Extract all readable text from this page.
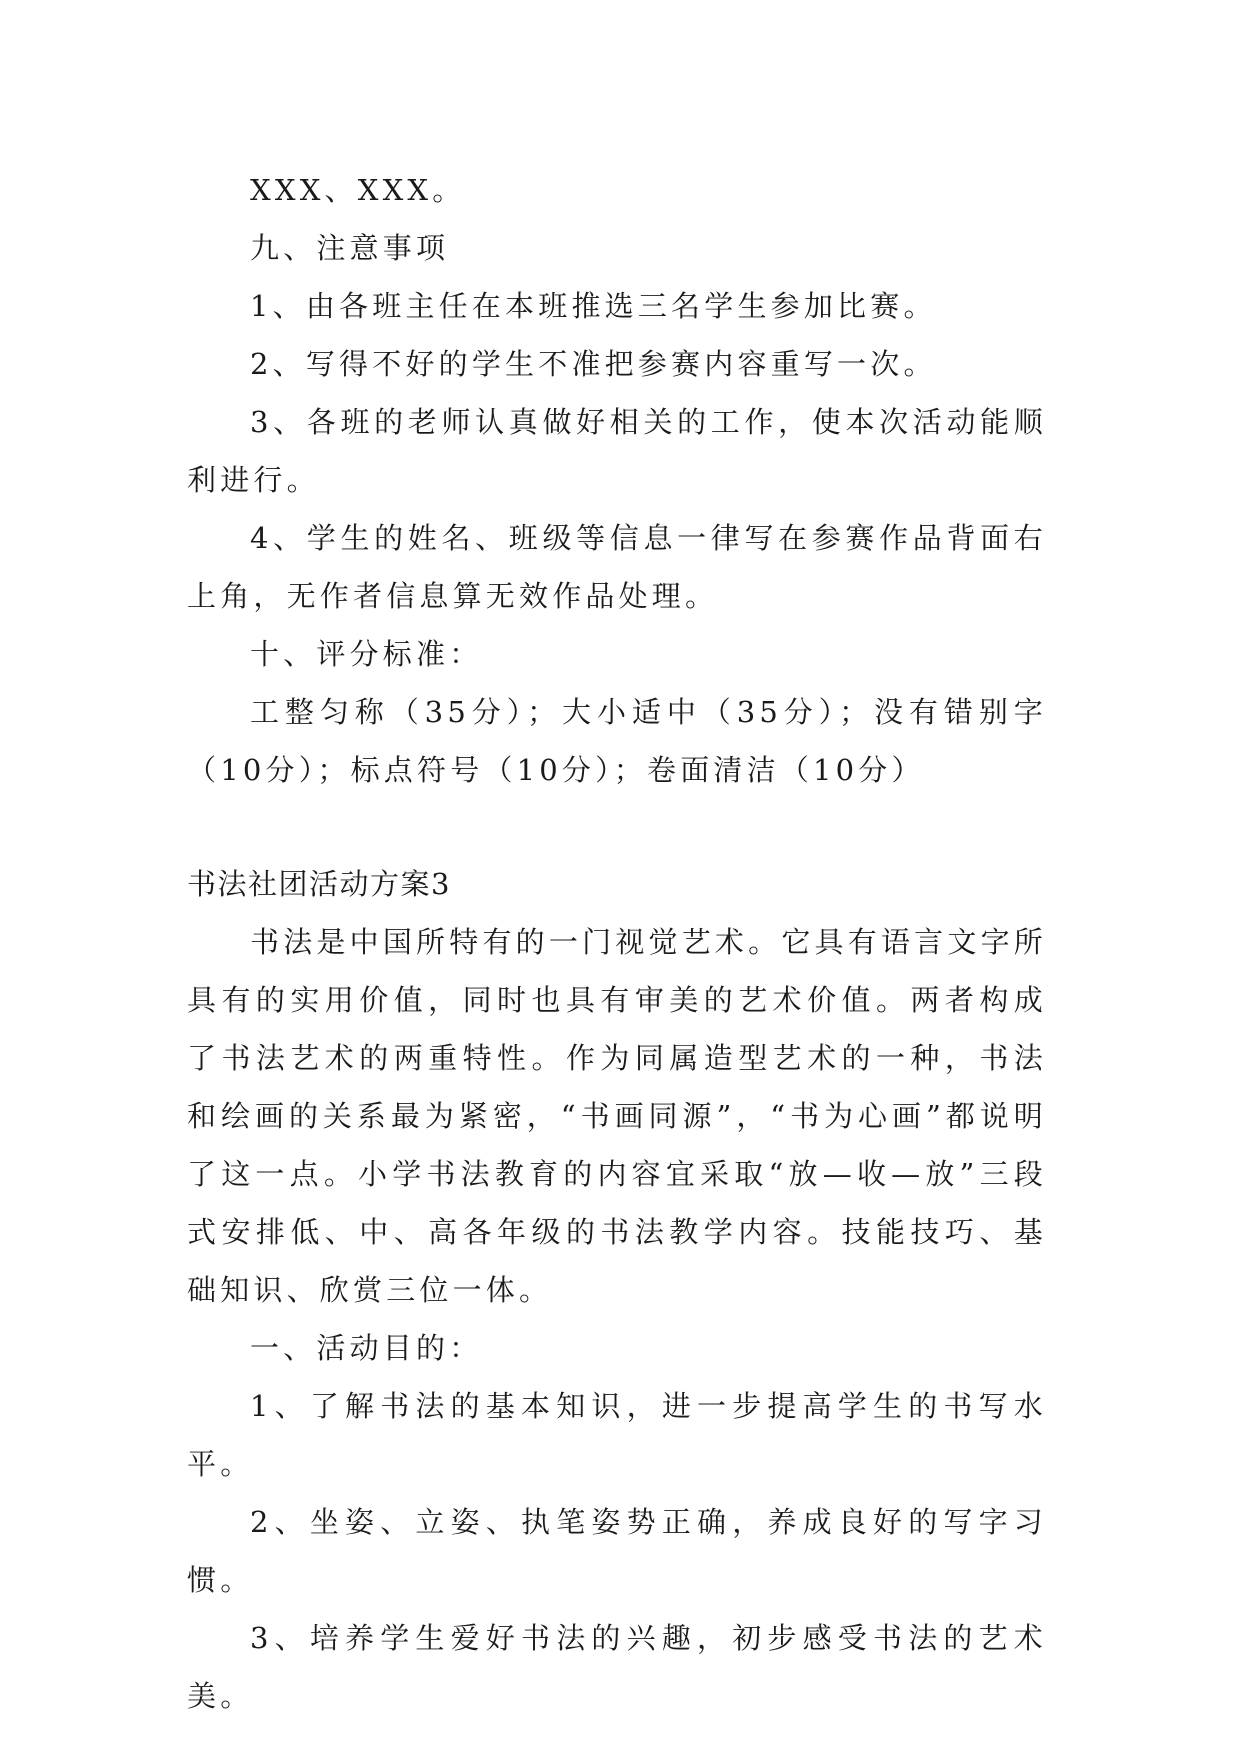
XXX、XXX。

九、注意事项

1、由各班主任在本班推选三名学生参加比赛。

2、写得不好的学生不准把参赛内容重写一次。

3、各班的老师认真做好相关的工作，使本次活动能顺利进行。

4、学生的姓名、班级等信息一律写在参赛作品背面右上角，无作者信息算无效作品处理。

十、评分标准：

工整匀称（35分）；大小适中（35分）；没有错别字（10分）；标点符号（10分）；卷面清洁（10分）

书法社团活动方案3

书法是中国所特有的一门视觉艺术。它具有语言文字所具有的实用价值，同时也具有审美的艺术价值。两者构成了书法艺术的两重特性。作为同属造型艺术的一种，书法和绘画的关系最为紧密，“书画同源”，“书为心画”都说明了这一点。小学书法教育的内容宜采取“放—收—放”三段式安排低、中、高各年级的书法教学内容。技能技巧、基础知识、欣赏三位一体。

一、活动目的：

1、了解书法的基本知识，进一步提高学生的书写水平。

2、坐姿、立姿、执笔姿势正确，养成良好的写字习惯。

3、培养学生爱好书法的兴趣，初步感受书法的艺术美。
